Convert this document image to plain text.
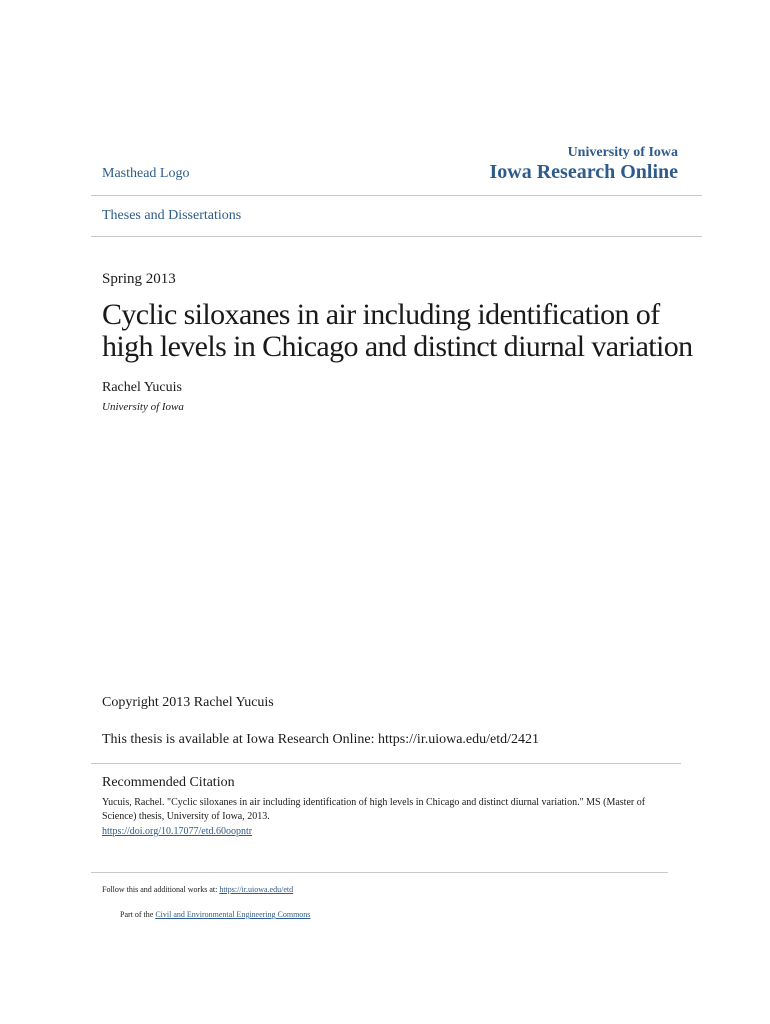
Masthead Logo
University of Iowa
Iowa Research Online
Theses and Dissertations
Spring 2013
Cyclic siloxanes in air including identification of high levels in Chicago and distinct diurnal variation
Rachel Yucuis
University of Iowa
Copyright 2013 Rachel Yucuis
This thesis is available at Iowa Research Online: https://ir.uiowa.edu/etd/2421
Recommended Citation
Yucuis, Rachel. "Cyclic siloxanes in air including identification of high levels in Chicago and distinct diurnal variation." MS (Master of Science) thesis, University of Iowa, 2013.
https://doi.org/10.17077/etd.60oopntr
Follow this and additional works at: https://ir.uiowa.edu/etd
Part of the Civil and Environmental Engineering Commons
